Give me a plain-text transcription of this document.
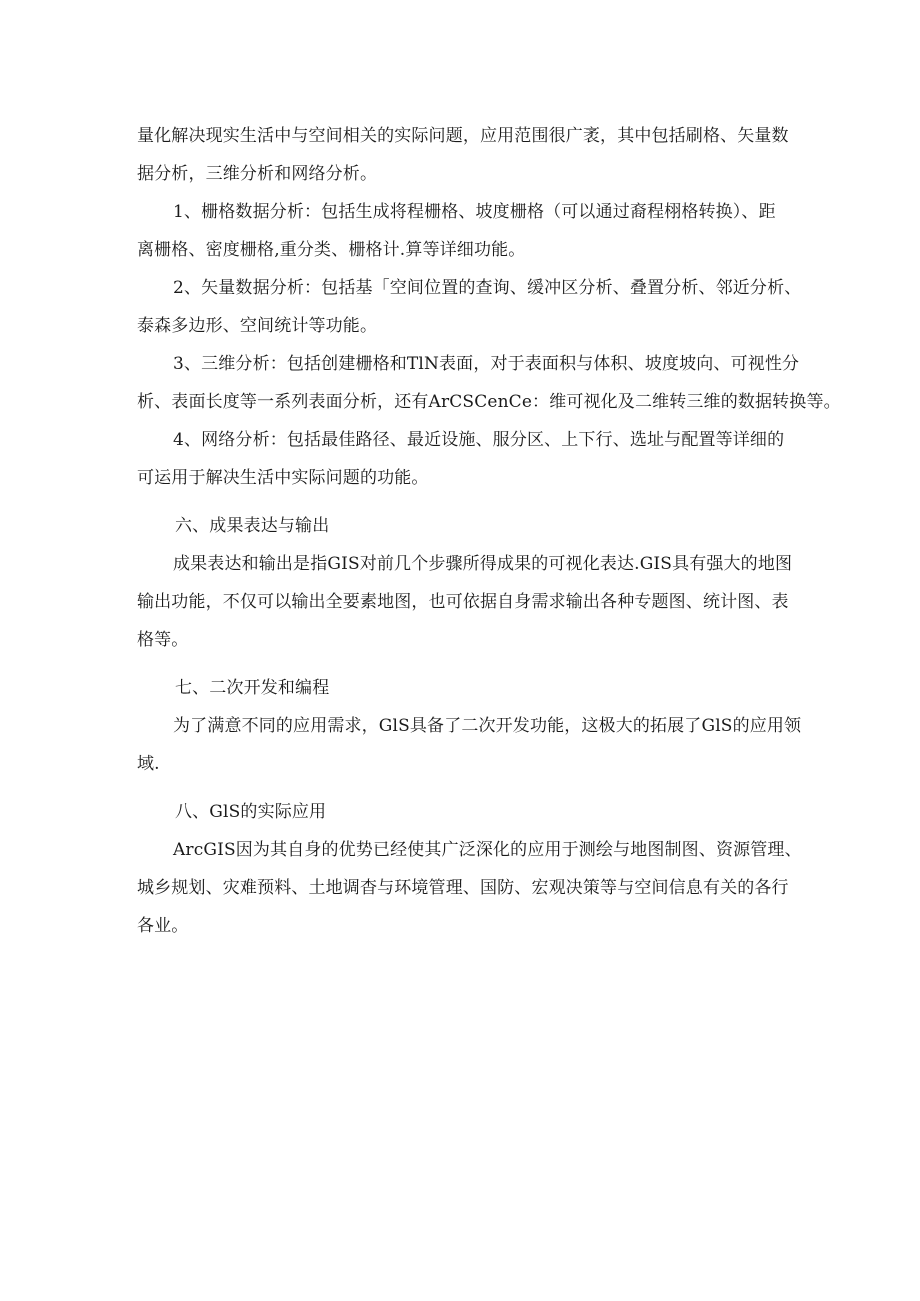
量化解决现实生活中与空间相关的实际问题，应用范围很广袤，其中包括刷格、矢量数
据分析，三维分析和网络分析。
1、栅格数据分析：包括生成将程栅格、坡度栅格（可以通过裔程栩格转换）、距
离栅格、密度栅格,重分类、栅格计.算等详细功能。
2、矢量数据分析：包括基「空间位置的查询、缓冲区分析、叠置分析、邻近分析、
泰森多边形、空间统计等功能。
3、三维分析：包括创建栅格和TlN表面，对于表面积与体积、坡度坡向、可视性分
析、表面长度等一系列表面分析，还有ArCSCenCe：维可视化及二维转三维的数据转换等。
4、网络分析：包括最佳路径、最近设施、服分区、上下行、选址与配置等详细的
可运用于解决生活中实际问题的功能。
六、成果表达与输出
成果表达和输出是指GIS对前几个步骤所得成果的可视化表达.GIS具有强大的地图
输出功能，不仅可以输出全要素地图，也可依据自身需求输出各种专题图、统计图、表
格等。
七、二次开发和编程
为了满意不同的应用需求，GlS具备了二次开发功能，这极大的拓展了GlS的应用领
域.
八、GlS的实际应用
ArcGIS因为其自身的优势已经使其广泛深化的应用于测绘与地图制图、资源管理、
城乡规划、灾难预料、土地调杳与环境管理、国防、宏观决策等与空间信息有关的各行
各业。
